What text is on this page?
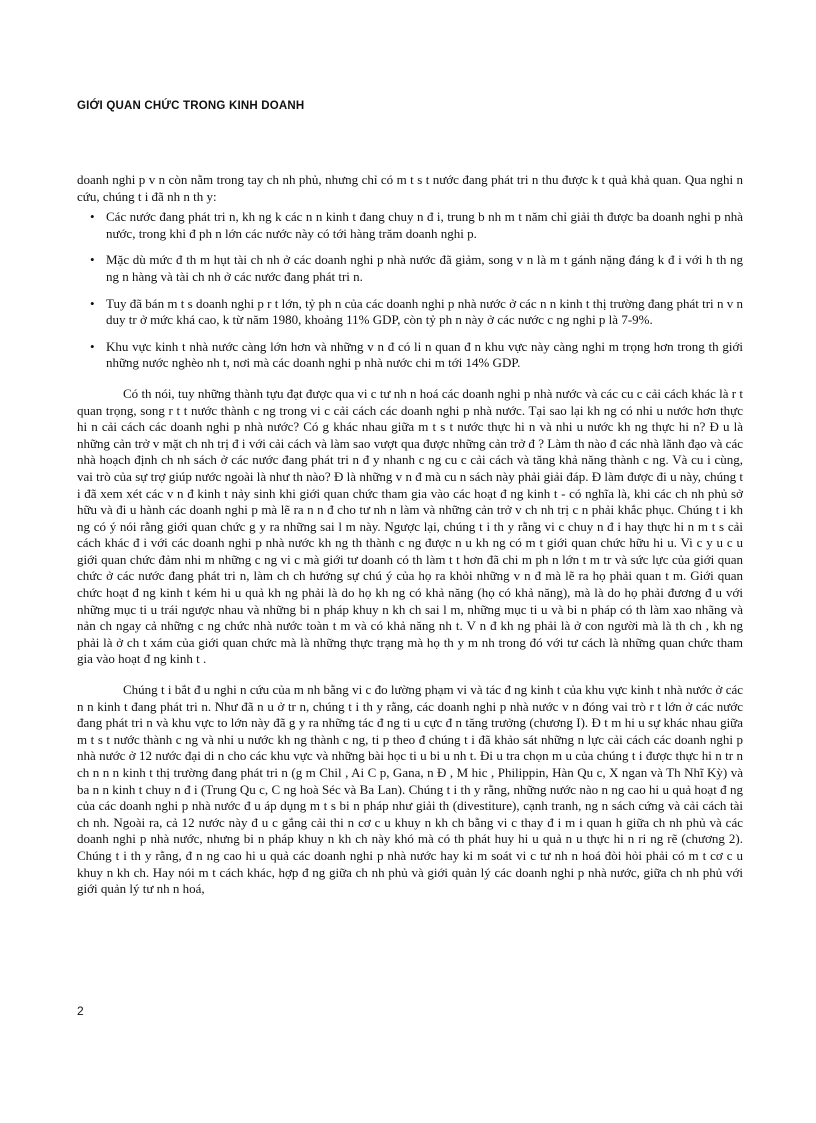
GIỚI QUAN CHỨC TRONG KINH DOANH

doanh nghi p v n còn nằm trong tay ch nh phủ, nhưng chỉ có m t s t nước đang phát tri n thu được k t quả khả quan. Qua nghi n cứu, chúng t i đã nh n th y:

• Các nước đang phát tri n, kh ng k các n n kinh t đang chuy n đ i, trung b nh m t năm chỉ giải th được ba doanh nghi p nhà nước, trong khi đ ph n lớn các nước này có tới hàng trăm doanh nghi p.
• Mặc dù mức đ th m hụt tài ch nh ở các doanh nghi p nhà nước đã giảm, song v n là m t gánh nặng đáng k đ i với h th ng ng n hàng và tài ch nh ở các nước đang phát tri n.
• Tuy đã bán m t s doanh nghi p r t lớn, tỷ ph n của các doanh nghi p nhà nước ở các n n kinh t thị trường đang phát tri n v n duy tr ở mức khá cao, k từ năm 1980, khoảng 11% GDP, còn tỷ ph n này ở các nước c ng nghi p là 7-9%.
• Khu vực kinh t nhà nước càng lớn hơn và những v n đ có li n quan đ n khu vực này càng nghi m trọng hơn trong th giới những nước nghèo nh t, nơi mà các doanh nghi p nhà nước chi m tới 14% GDP.

Có th nói, tuy những thành tựu đạt được qua vi c tư nh n hoá các doanh nghi p nhà nước và các cu c cải cách khác là r t quan trọng, song r t t nước thành c ng trong vi c cải cách các doanh nghi p nhà nước. Tại sao lại kh ng có nhi u nước hơn thực hi n cải cách các doanh nghi p nhà nước? Có g khác nhau giữa m t s t nước thực hi n và nhi u nước kh ng thực hi n? Đ u là những cản trở v mặt ch nh trị đ i với cải cách và làm sao vượt qua được những cản trở đ ? Làm th nào đ các nhà lãnh đạo và các nhà hoạch định ch nh sách ở các nước đang phát tri n đ y nhanh c ng cu c cải cách và tăng khả năng thành c ng. Và cu i cùng, vai trò của sự trợ giúp nước ngoài là như th nào? Đ là những v n đ mà cu n sách này phải giải đáp. Đ làm được đi u này, chúng t i đã xem xét các v n đ kinh t nảy sinh khi giới quan chức tham gia vào các hoạt đ ng kinh t - có nghĩa là, khi các ch nh phủ sở hữu và đi u hành các doanh nghi p mà lẽ ra n n đ cho tư nh n làm và những cản trở v ch nh trị c n phải khắc phục. Chúng t i kh ng có ý nói rằng giới quan chức g y ra những sai l m này. Ngược lại, chúng t i th y rằng vi c chuy n đ i hay thực hi n m t s cải cách khác đ i với các doanh nghi p nhà nước kh ng th thành c ng được n u kh ng có m t giới quan chức hữu hi u. Vi c y u c u giới quan chức đảm nhi m những c ng vi c mà giới tư doanh có th làm t t hơn đã chi m ph n lớn t m tr và sức lực của giới quan chức ở các nước đang phát tri n, làm ch ch hướng sự chú ý của họ ra khỏi những v n đ mà lẽ ra họ phải quan t m. Giới quan chức hoạt đ ng kinh t kém hi u quả kh ng phải là do họ kh ng có khả năng (họ có khả năng), mà là do họ phải đương đ u với những mục ti u trái ngược nhau và những bi n pháp khuy n kh ch sai l m, những mục ti u và bi n pháp có th làm xao nhãng và nản ch ngay cả những c ng chức nhà nước toàn t m và có khả năng nh t. V n đ kh ng phải là ở con người mà là th ch , kh ng phải là ở ch t xám của giới quan chức mà là những thực trạng mà họ th y m nh trong đó với tư cách là những quan chức tham gia vào hoạt đ ng kinh t .

Chúng t i bắt đ u nghi n cứu của m nh bằng vi c đo lường phạm vi và tác đ ng kinh t của khu vực kinh t nhà nước ở các n n kinh t đang phát tri n. Như đã n u ở tr n, chúng t i th y rằng, các doanh nghi p nhà nước v n đóng vai trò r t lớn ở các nước đang phát tri n và khu vực to lớn này đã g y ra những tác đ ng ti u cực đ n tăng trưởng (chương I). Đ t m hi u sự khác nhau giữa m t s t nước thành c ng và nhi u nước kh ng thành c ng, ti p theo đ chúng t i đã khảo sát những n lực cải cách các doanh nghi p nhà nước ở 12 nước đại di n cho các khu vực và những bài học ti u bi u nh t. Đi u tra chọn m u của chúng t i được thực hi n tr n ch n n n kinh t thị trường đang phát tri n (g m Chil , Ai C p, Gana, n Đ , M hic , Philippin, Hàn Qu c, X ngan và Th Nhĩ Kỳ) và ba n n kinh t chuy n đ i (Trung Qu c, C ng hoà Séc và Ba Lan). Chúng t i th y rằng, những nước nào n ng cao hi u quả hoạt đ ng của các doanh nghi p nhà nước đ u áp dụng m t s bi n pháp như giải th (divestiture), cạnh tranh, ng n sách cứng và cải cách tài ch nh. Ngoài ra, cả 12 nước này đ u c gắng cải thi n cơ c u khuy n kh ch bằng vi c thay đ i m i quan h giữa ch nh phủ và các doanh nghi p nhà nước, nhưng bi n pháp khuy n kh ch này khó mà có th phát huy hi u quả n u thực hi n ri ng rẽ (chương 2). Chúng t i th y rằng, đ n ng cao hi u quả các doanh nghi p nhà nước hay ki m soát vi c tư nh n hoá đòi hỏi phải có m t cơ c u khuy n kh ch. Hay nói m t cách khác, hợp đ ng giữa ch nh phủ và giới quản lý các doanh nghi p nhà nước, giữa ch nh phủ với giới quản lý tư nh n hoá,

2
